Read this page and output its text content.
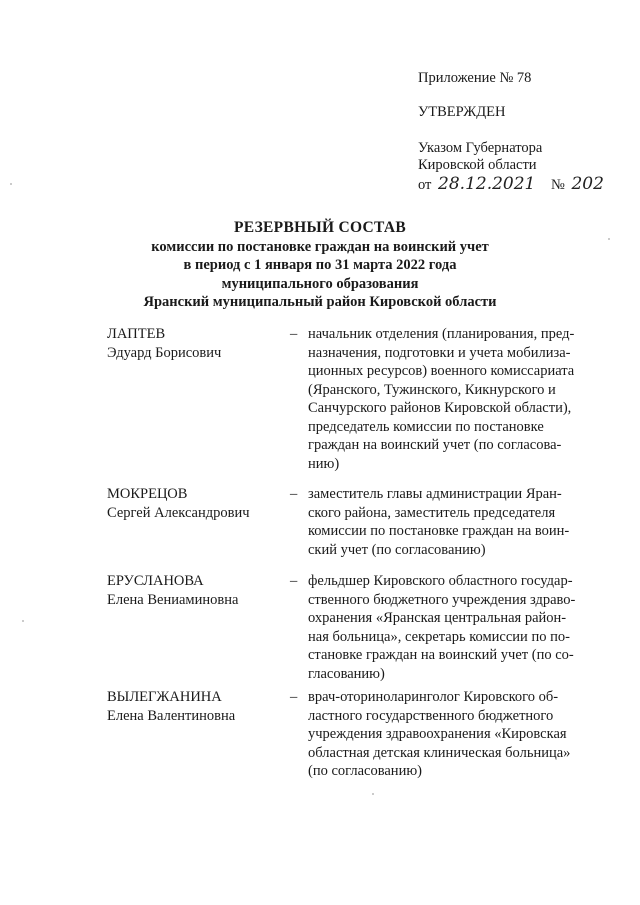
Приложение № 78
УТВЕРЖДЕН
Указом Губернатора
Кировской области
от 28.12.2021 № 202
РЕЗЕРВНЫЙ СОСТАВ
комиссии по постановке граждан на воинский учет
в период с 1 января по 31 марта 2022 года
муниципального образования
Яранский муниципальный район Кировской области
ЛАПТЕВ
Эдуард Борисович
– начальник отделения (планирования, пред-
назначения, подготовки и учета мобилиза-
ционных ресурсов) военного комиссариата
(Яранского, Тужинского, Кикнурского и
Санчурского районов Кировской области),
председатель комиссии по постановке
граждан на воинский учет (по согласова-
нию)
МОКРЕЦОВ
Сергей Александрович
– заместитель главы администрации Яран-
ского района, заместитель председателя
комиссии по постановке граждан на воин-
ский учет (по согласованию)
ЕРУСЛАНОВА
Елена Вениаминовна
– фельдшер Кировского областного государ-
ственного бюджетного учреждения здраво-
охранения «Яранская центральная район-
ная больница», секретарь комиссии по по-
становке граждан на воинский учет (по со-
гласованию)
ВЫЛЕГЖАНИНА
Елена Валентиновна
– врач-оториноларинголог Кировского об-
ластного государственного бюджетного
учреждения здравоохранения «Кировская
областная детская клиническая больница»
(по согласованию)
